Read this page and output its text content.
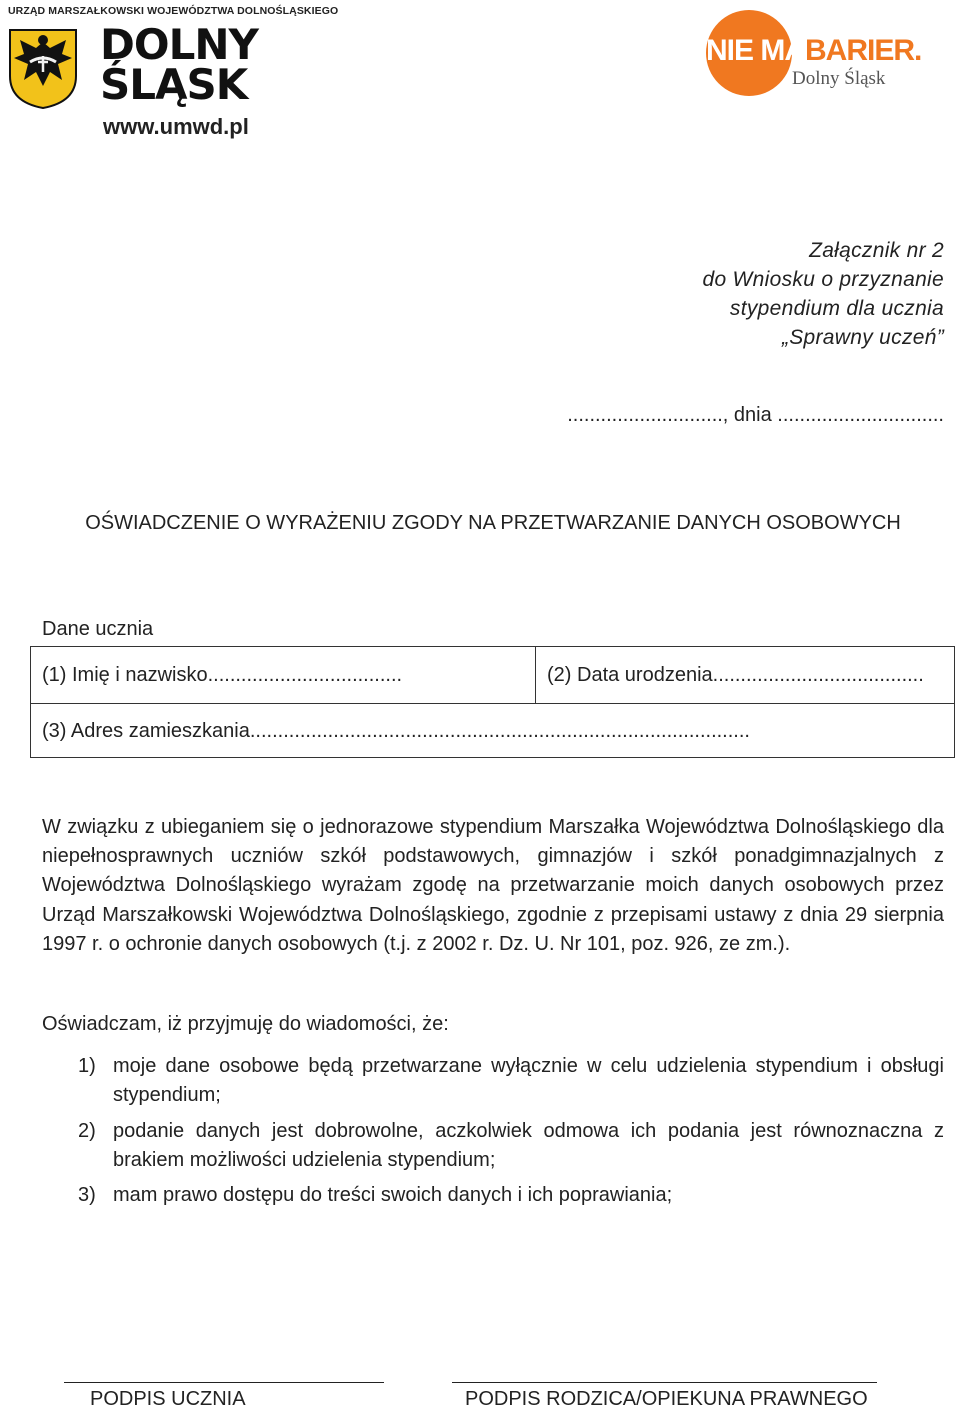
URZĄD MARSZAŁKOWSKI WOJEWÓDZTWA DOLNOŚLĄSKIEGO
DOLNY
ŚLĄSK
www.umwd.pl
NIE MABARIER.
Dolny Śląsk
Załącznik nr 2
do Wniosku o przyznanie
stypendium dla ucznia
„Sprawny uczeń”
............................, dnia ..............................
OŚWIADCZENIE O WYRAŻENIU ZGODY NA PRZETWARZANIE DANYCH OSOBOWYCH
Dane ucznia
(1) Imię i nazwisko...................................	(2) Data urodzenia......................................
(3) Adres zamieszkania..........................................................................................
W związku z ubieganiem się o jednorazowe stypendium Marszałka Województwa Dolnośląskiego dla niepełnosprawnych uczniów szkół podstawowych, gimnazjów i szkół ponadgimnazjalnych z Województwa Dolnośląskiego wyrażam zgodę na przetwarzanie moich danych osobowych przez Urząd Marszałkowski Województwa Dolnośląskiego, zgodnie z przepisami ustawy z dnia 29 sierpnia 1997 r. o ochronie danych osobowych (t.j. z 2002 r. Dz. U. Nr 101, poz. 926, ze zm.).
Oświadczam, iż przyjmuję do wiadomości, że:
1) moje dane osobowe będą przetwarzane wyłącznie w celu udzielenia stypendium i obsługi stypendium;
2) podanie danych jest dobrowolne, aczkolwiek odmowa ich podania jest równoznaczna z brakiem możliwości udzielenia stypendium;
3) mam prawo dostępu do treści swoich danych i ich poprawiania;
PODPIS UCZNIA	PODPIS RODZICA/OPIEKUNA PRAWNEGO
